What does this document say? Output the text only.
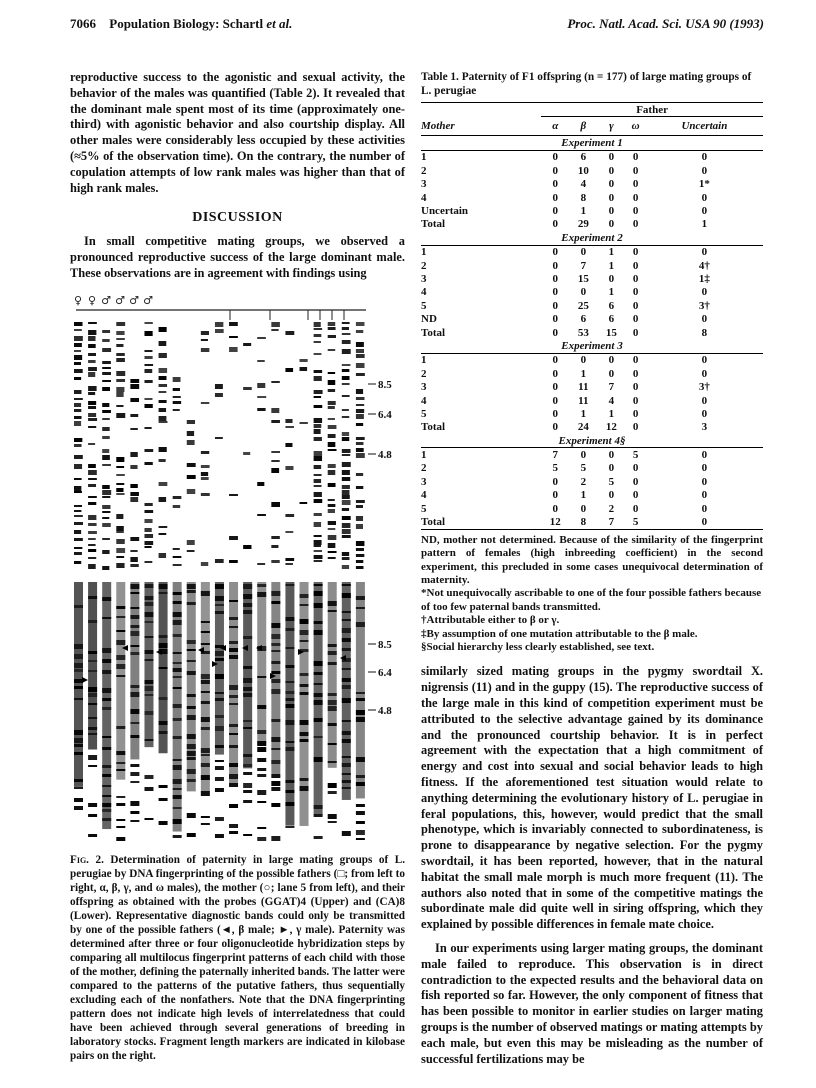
7066 Population Biology: Schartl et al.	Proc. Natl. Acad. Sci. USA 90 (1993)

reproductive success to the agonistic and sexual activity, the behavior of the males was quantified (Table 2). It revealed that the dominant male spent most of its time (approximately one-third) with agonistic behavior and also courtship display. All other males were considerably less occupied by these activities (≈5% of the observation time). On the contrary, the number of copulation attempts of low rank males was higher than that of high rank males.

DISCUSSION

In small competitive mating groups, we observed a pronounced reproductive success of the large dominant male. These observations are in agreement with findings using

♀ ♀ ♂ ♂ ♂ ♂
8.5
6.4
4.8
8.5
6.4
4.8
Fig. 2. Determination of paternity in large mating groups of L. perugiae by DNA fingerprinting of the possible fathers (□; from left to right, α, β, γ, and ω males), the mother (○; lane 5 from left), and their offspring as obtained with the probes (GGAT)4 (Upper) and (CA)8 (Lower). Representative diagnostic bands could only be transmitted by one of the possible fathers (◄, β male; ►, γ male). Paternity was determined after three or four oligonucleotide hybridization steps by comparing all multilocus fingerprint patterns of each child with those of the mother, defining the paternally inherited bands. The latter were compared to the patterns of the putative fathers, thus sequentially excluding each of the nonfathers. Note that the DNA fingerprinting pattern does not indicate high levels of interrelatedness that could have been achieved through several generations of breeding in laboratory stocks. Fragment length markers are indicated in kilobase pairs on the right.
Table 1. Paternity of F1 offspring (n = 177) of large mating groups of L. perugiae
	Father				
Mother	α	β	γ	ω	Uncertain
Experiment 1					
1	0	6	0	0	0
2	0	10	0	0	0
3	0	4	0	0	1*
4	0	8	0	0	0
Uncertain	0	1	0	0	0
Total	0	29	0	0	1
Experiment 2					
1	0	0	1	0	0
2	0	7	1	0	4†
3	0	15	0	0	1‡
4	0	0	1	0	0
5	0	25	6	0	3†
ND	0	6	6	0	0
Total	0	53	15	0	8
Experiment 3					
1	0	0	0	0	0
2	0	1	0	0	0
3	0	11	7	0	3†
4	0	11	4	0	0
5	0	1	1	0	0
Total	0	24	12	0	3
Experiment 4§					
1	7	0	0	5	0
2	5	5	0	0	0
3	0	2	5	0	0
4	0	1	0	0	0
5	0	0	2	0	0
Total	12	8	7	5	0

ND, mother not determined. Because of the similarity of the fingerprint pattern of females (high inbreeding coefficient) in the second experiment, this precluded in some cases unequivocal determination of maternity.

*Not unequivocally ascribable to one of the four possible fathers because of too few paternal bands transmitted.

†Attributable either to β or γ.

‡By assumption of one mutation attributable to the β male.

§Social hierarchy less clearly established, see text.

similarly sized mating groups in the pygmy swordtail X. nigrensis (11) and in the guppy (15). The reproductive success of the large male in this kind of competition experiment must be attributed to the selective advantage gained by its dominance and the pronounced courtship behavior. It is in perfect agreement with the expectation that a high commitment of energy and cost into sexual and social behavior leads to high fitness. If the aforementioned test situation would relate to anything determining the evolutionary history of L. perugiae in feral populations, this, however, would predict that the small phenotype, which is invariably connected to subordinateness, is prone to disappearance by negative selection. For the pygmy swordtail, it has been reported, however, that in the natural habitat the small male morph is much more frequent (11). The authors also noted that in some of the competitive matings the subordinate male did quite well in siring offspring, which they explained by possible differences in female mate choice.

In our experiments using larger mating groups, the dominant male failed to reproduce. This observation is in direct contradiction to the expected results and the behavioral data on fish reported so far. However, the only component of fitness that has been possible to monitor in earlier studies on larger mating groups is the number of observed matings or mating attempts by each male, but even this may be misleading as the number of successful fertilizations may be
